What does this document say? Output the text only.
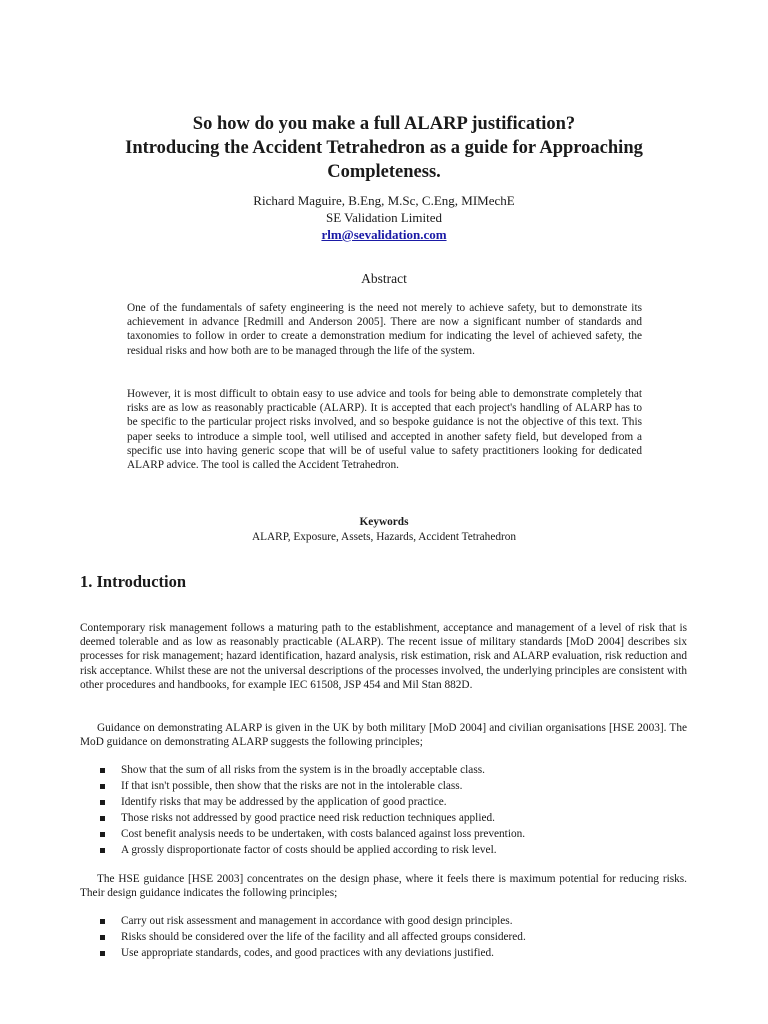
So how do you make a full ALARP justification?
Introducing the Accident Tetrahedron as a guide for Approaching
Completeness.
Richard Maguire, B.Eng, M.Sc, C.Eng, MIMechE
SE Validation Limited
rlm@sevalidation.com
Abstract

One of the fundamentals of safety engineering is the need not merely to achieve safety, but to demonstrate its achievement in advance [Redmill and Anderson 2005]. There are now a significant number of standards and taxonomies to follow in order to create a demonstration medium for indicating the level of achieved safety, the residual risks and how both are to be managed through the life of the system.

However, it is most difficult to obtain easy to use advice and tools for being able to demonstrate completely that risks are as low as reasonably practicable (ALARP). It is accepted that each project's handling of ALARP has to be specific to the particular project risks involved, and so bespoke guidance is not the objective of this text. This paper seeks to introduce a simple tool, well utilised and accepted in another safety field, but developed from a specific use into having generic scope that will be of useful value to safety practitioners looking for dedicated ALARP advice. The tool is called the Accident Tetrahedron.

Keywords
ALARP, Exposure, Assets, Hazards, Accident Tetrahedron
1. Introduction

Contemporary risk management follows a maturing path to the establishment, acceptance and management of a level of risk that is deemed tolerable and as low as reasonably practicable (ALARP). The recent issue of military standards [MoD 2004] describes six processes for risk management; hazard identification, hazard analysis, risk estimation, risk and ALARP evaluation, risk reduction and risk acceptance. Whilst these are not the universal descriptions of the processes involved, the underlying principles are consistent with other procedures and handbooks, for example IEC 61508, JSP 454 and Mil Stan 882D.

Guidance on demonstrating ALARP is given in the UK by both military [MoD 2004] and civilian organisations [HSE 2003]. The MoD guidance on demonstrating ALARP suggests the following principles;

Show that the sum of all risks from the system is in the broadly acceptable class.
If that isn't possible, then show that the risks are not in the intolerable class.
Identify risks that may be addressed by the application of good practice.
Those risks not addressed by good practice need risk reduction techniques applied.
Cost benefit analysis needs to be undertaken, with costs balanced against loss prevention.
A grossly disproportionate factor of costs should be applied according to risk level.

The HSE guidance [HSE 2003] concentrates on the design phase, where it feels there is maximum potential for reducing risks. Their design guidance indicates the following principles;

Carry out risk assessment and management in accordance with good design principles.
Risks should be considered over the life of the facility and all affected groups considered.
Use appropriate standards, codes, and good practices with any deviations justified.
